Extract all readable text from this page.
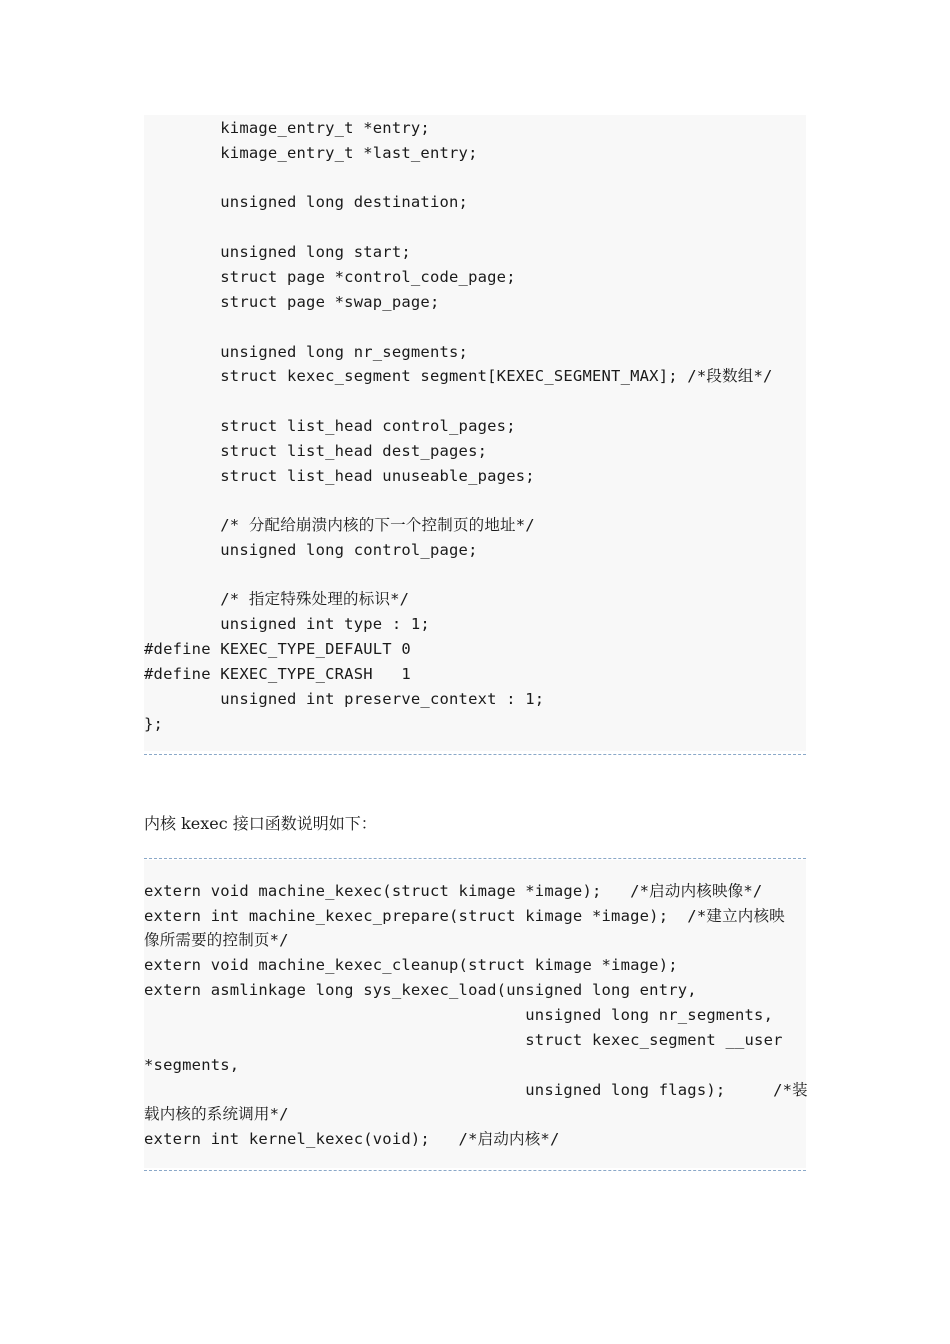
kimage_entry_t *entry;
kimage_entry_t *last_entry;
unsigned long destination;
unsigned long start;
struct page *control_code_page;
struct page *swap_page;
unsigned long nr_segments;
struct kexec_segment segment[KEXEC_SEGMENT_MAX]; /*段数组*/
struct list_head control_pages;
struct list_head dest_pages;
struct list_head unuseable_pages;
/* 分配给崩溃内核的下一个控制页的地址*/
unsigned long control_page;
/* 指定特殊处理的标识*/
unsigned int type : 1;
#define KEXEC_TYPE_DEFAULT 0
#define KEXEC_TYPE_CRASH   1
unsigned int preserve_context : 1;
};
内核 kexec 接口函数说明如下：
extern void machine_kexec(struct kimage *image);   /*启动内核映像*/
extern int machine_kexec_prepare(struct kimage *image);  /*建立内核映
像所需要的控制页*/
extern void machine_kexec_cleanup(struct kimage *image);
extern asmlinkage long sys_kexec_load(unsigned long entry,
unsigned long nr_segments,
struct kexec_segment __user
*segments,
unsigned long flags);     /*装
载内核的系统调用*/
extern int kernel_kexec(void);   /*启动内核*/
